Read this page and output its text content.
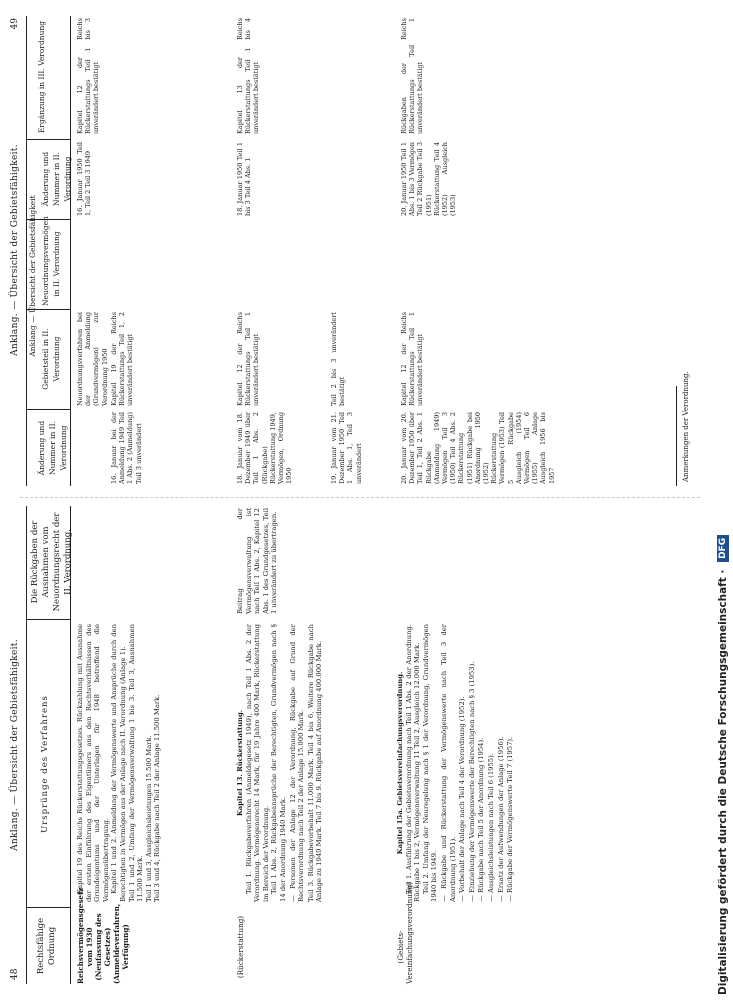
48
Anklang. — Übersicht der Gebietsfähigkeit.
Rechtsfähige Ordnung
Ursprünge des Verfahrens
Die Rückgaben der Ausnahmen vom Neuordnungsrecht der II. Verordnung.
Reichsvermögensgesetz vom 1930 (Neufassung des Gesetzes) (Anmeldeverfahren, Verfügung)
Kapitel 19 des Reichs Rückerstattungsgesetzes. Rückzahlung mit Ausnahme der ersten Einführung des Eigentümers aus den Rechtsverhältnissen des Grundeigentums und der Unterlagen für 1948 betreffend die Vermögensübertragung. Kapitel 1 und 2. Anmeldung der Vermögenswerte und Ansprüche durch den Berechtigten in Vermögen aus der Anlage nach II. Verordnung (Anlage 1). Teil 1 und 2, Umfang der Vermögensverwaltung 1 bis 3. Teil 3, Ausnahmen 11.500 Mark. Teil 1 und 3, Ausgleichsleistungen 15.500 Mark. Teil 3 und 4, Rückgabe nach Teil 2 der Anlage 11.500 Mark.
(Rückerstattung)
Kapitel 13. Rückerstattung. Teil 1. Rückgabeverfahren (Anmeldegesetz 1949), nach Teil 1 Abs. 2 der Verordnung. Vermögensrecht 14 Mark, für 19 Jahre 400 Mark, Rückerstattung im Bereich der Verordnung. Teil 1 Abs. 2, Rückgabeansprüche der Berechtigten, Grundvermögen nach § 14 der Anordnung 1940 Mark. — Personen der Anlage 12 der Verordnung, Rückgabe auf Grund der Rechtsverordnung nach Teil 2 der Anlage 15.000 Mark. Teil 3. Rückgabevorbehalt 11.000 Mark. Teil 4 bis 6, Weitere Rückgabe nach Anlage zu 1949 Mark. Teil 7 bis 9. Rückgabe auf Anordnung 400.000 Mark.
Beitrag der Vermögensverwaltung ist nach Teil 1 Abs. 2, Kapitel 12 Abs. 1 des Grundgesetzes, Teil 1 unverändert zu übertragen.
(Gebiets-Vereinfachungsverordnung)
Kapitel 15a. Gebietsvereinfachungsverordnung. Teil 1. Ausführung der Gebietsverordnung nach Teil 1 Abs. 2 der Anordnung. Rückgabe 1 bis 2, Vermögensverwaltung 11 Teil 2, Ausgleich 12.000 Mark. Teil 2. Umfang der Neuregelung nach § 1 der Verordnung, Grundvermögen 1940 bis 1949. — Rückgabe und Rückerstattung der Vermögenswerte nach Teil 3 der Anordnung (1951). — Vorbehalt der Anlage nach Teil 4 der Verordnung (1952). — Einziehung der Vermögenswerte der Berechtigten nach § 3 (1953). — Rückgabe nach Teil 5 der Anordnung (1954). — Ausgleichsleistungen nach Teil 6 (1955). — Ersatz der Aufwendungen der Anlage (1956). — Rückgabe der Vermögenswerte Teil 7 (1957).
Anklang. — Übersicht der Gebietsfähigkeit.
49
Anklang — Übersicht der Gebietsfähigkeit
Änderung und Nummer in II. Verordnung
Gebietsteil in II. Verordnung
Neuordnungsvermögen in II. Verordnung
Änderung und Nummer in II. Verordnung
Ergänzung in III. Verordnung
Neuordnungsverfahren bei der Anmeldung (Grundvermögen) zur Verordnung 1950
16. Januar bei der Anmeldung 1949 Teil 1 Abs. 2 (Anmeldung) Teil 3 unverändert
Kapitel 19 der Reichs Rückerstattungs Teil 1, 2 unverändert bestätigt
16. Januar 1950 Teil 1, Teil 2 Teil 3 1949
Kapitel 12 der Reichs Rückerstattungs Teil 1 bis 3 unverändert bestätigt
18. Januar vom 18. Dezember 1949 über Teil 1 Abs. 2 (Rückgabe) Rückerstattung 1949, Vermögen, Ordnung 1950
Kapitel 12 der Reichs Rückerstattungs Teil 1 unverändert bestätigt
18. Januar 1950 Teil 1 bis 3 Teil 4 Abs. 1
Kapitel 13 der Reichs Rückerstattungs Teil 1 bis 4 unverändert bestätigt
19. Januar vom 21. Dezember 1950 Teil 1 Abs. 1, Teil 3 unverändert
Teil 2 bis 3 unverändert bestätigt
20. Januar vom 20. Dezember 1950 über Teil 1, Teil 2 Abs. 1 Rückgabe (Anmeldung 1949) Vermögen Teil 3 (1950) Teil 4 Abs. 2 Rückerstattung (1951) Rückgabe bei Anordnung 1950 (1952) Rückerstattung Vermögen (1953) Teil 5 Rückgabe Ausgleich (1954) Vermögen Teil 6 (1955) Anlage Ausgleich 1956 bis 1957
Kapitel 12 der Reichs Rückerstattungs Teil 1 unverändert bestätigt
20. Januar 1950 Teil 1 Abs. 1 bis 3 Vermögen Teil 2 Rückgabe Teil 3 (1951) Rückerstattung Teil 4 (1952) Ausgleich (1953)
Rückgaben der Reichs Rückerstattungs Teil 1 unverändert bestätigt
Anmerkungen der Verordnung.
Digitalisierung gefördert durch die Deutsche Forschungsgemeinschaft · DFG
